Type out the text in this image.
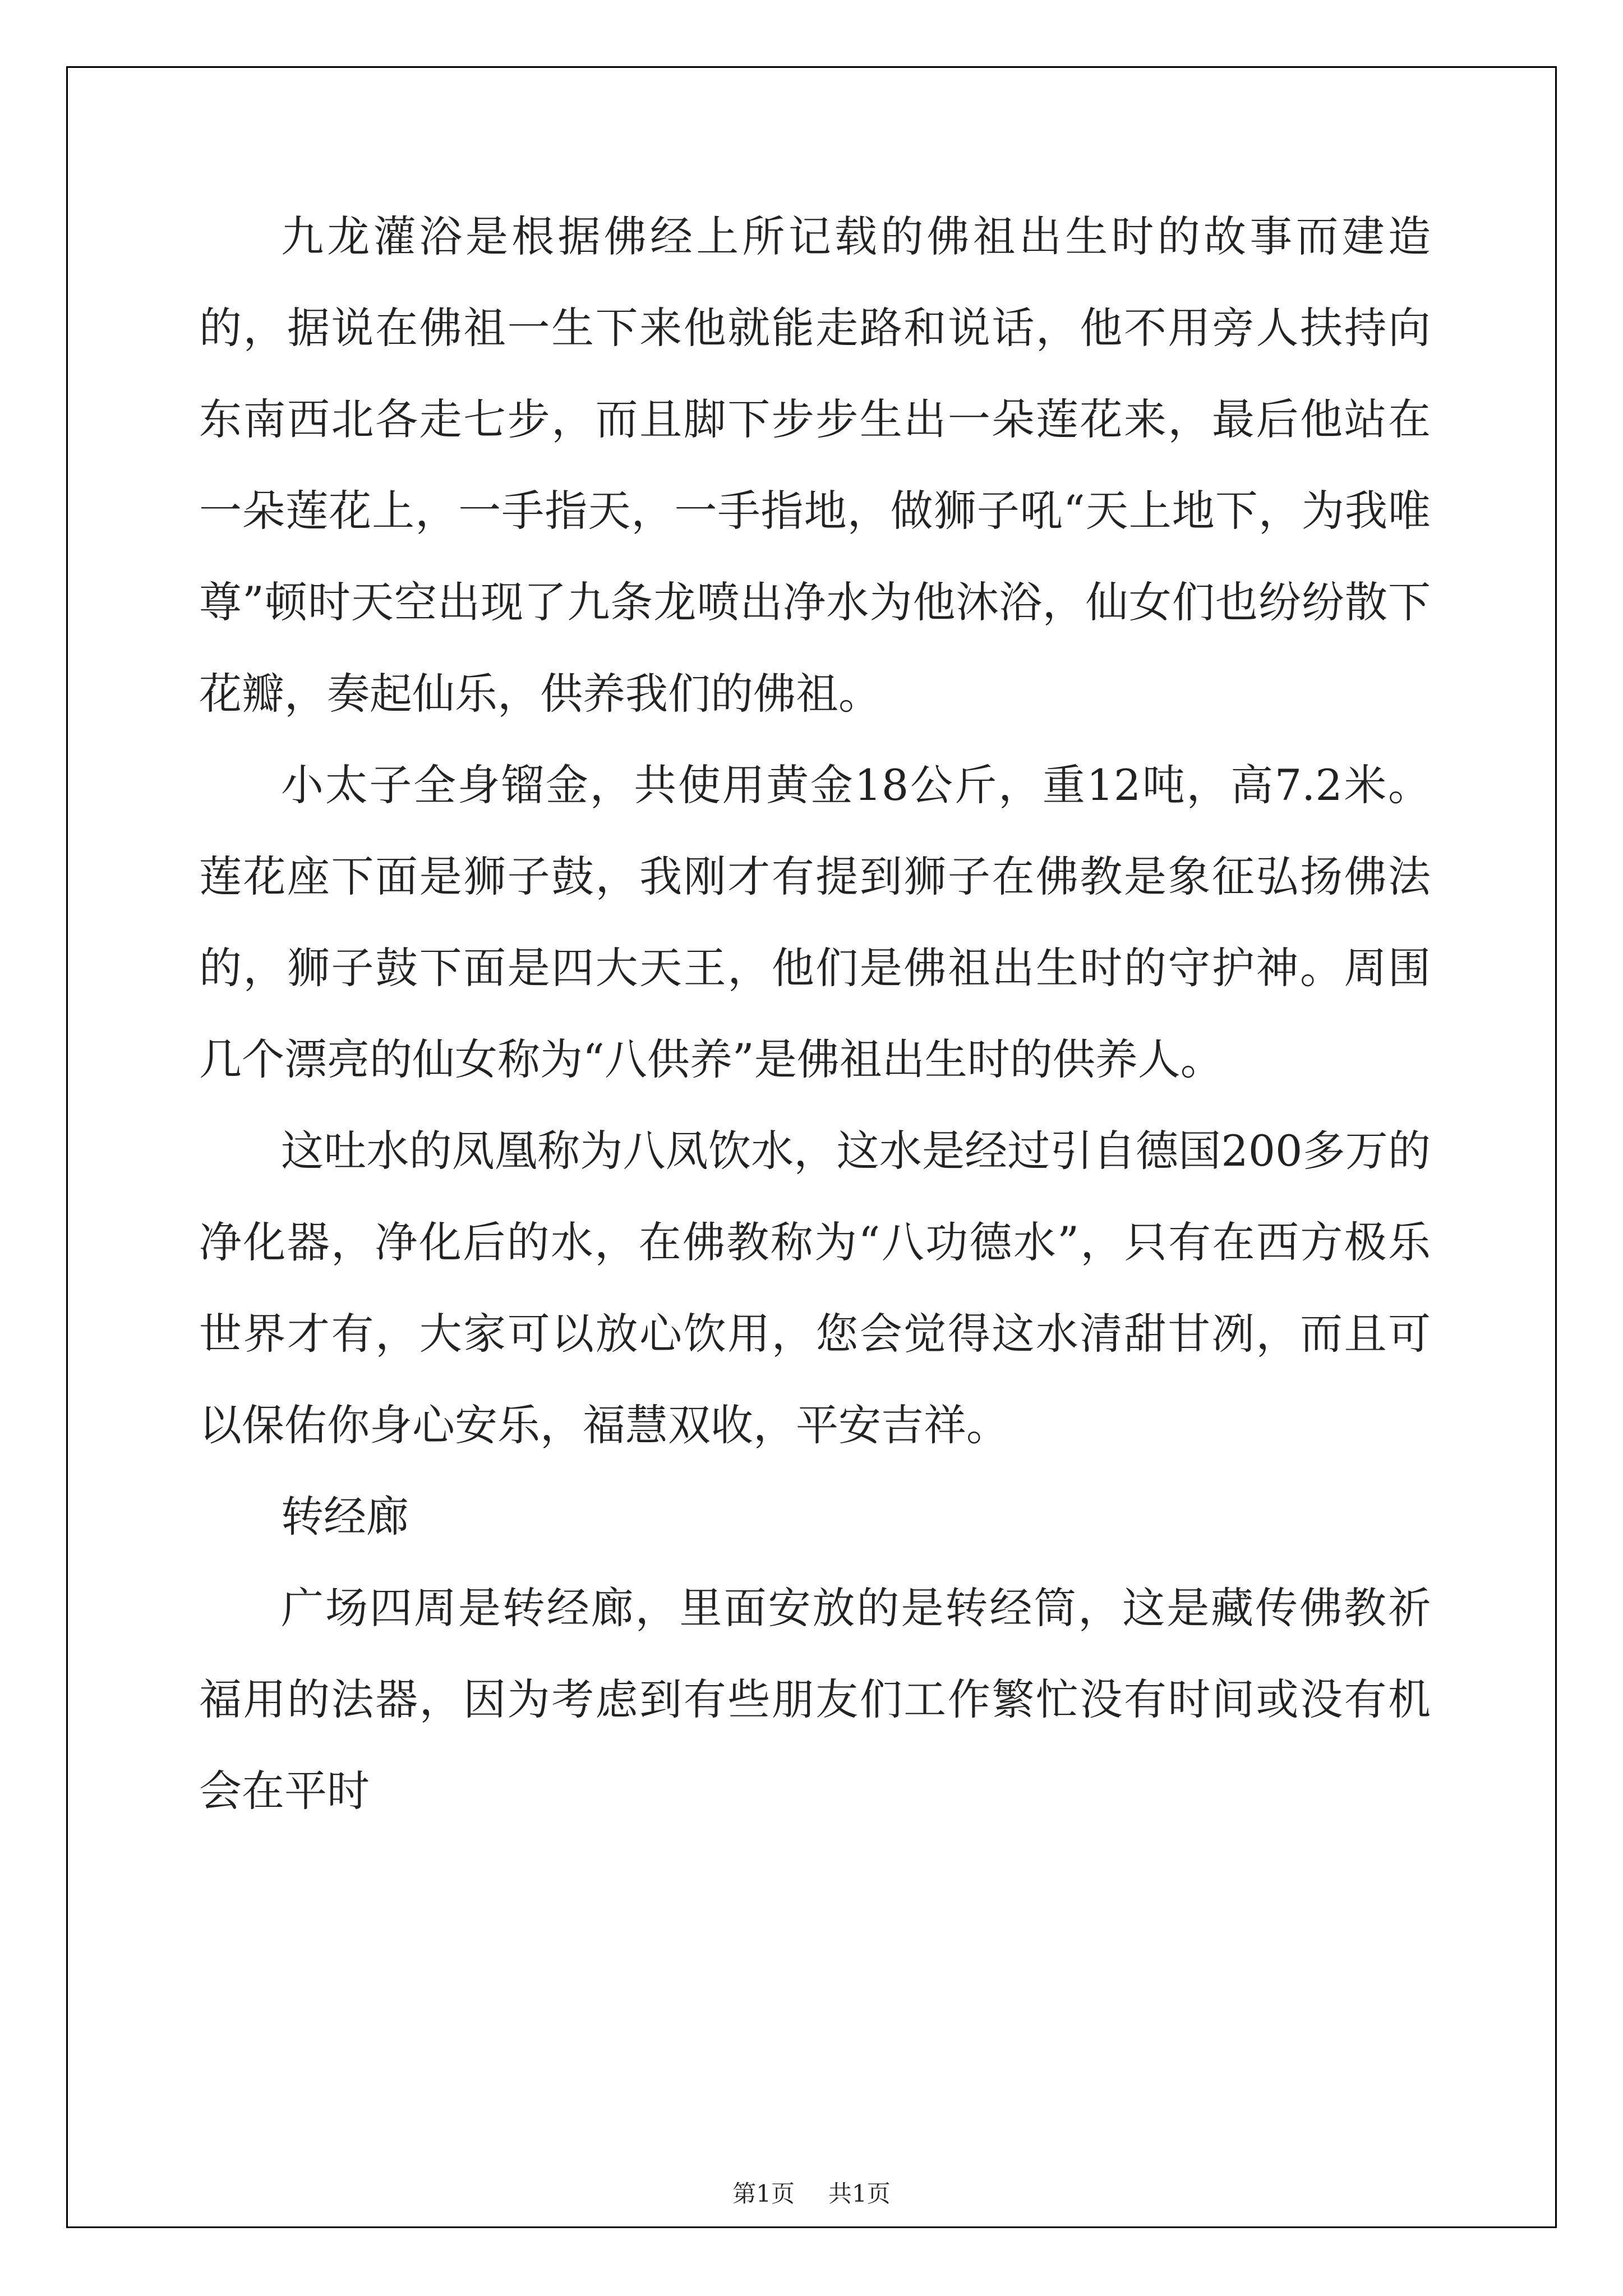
九龙灌浴是根据佛经上所记载的佛祖出生时的故事而建造的，据说在佛祖一生下来他就能走路和说话，他不用旁人扶持向东南西北各走七步，而且脚下步步生出一朵莲花来，最后他站在一朵莲花上，一手指天，一手指地，做狮子吼“天上地下，为我唯尊”顿时天空出现了九条龙喷出净水为他沐浴，仙女们也纷纷散下花瓣，奏起仙乐，供养我们的佛祖。

小太子全身镏金，共使用黄金18公斤，重12吨，高7.2米。莲花座下面是狮子鼓，我刚才有提到狮子在佛教是象征弘扬佛法的，狮子鼓下面是四大天王，他们是佛祖出生时的守护神。周围几个漂亮的仙女称为“八供养”是佛祖出生时的供养人。

这吐水的凤凰称为八凤饮水，这水是经过引自德国200多万的净化器，净化后的水，在佛教称为“八功德水”，只有在西方极乐世界才有，大家可以放心饮用，您会觉得这水清甜甘冽，而且可以保佑你身心安乐，福慧双收，平安吉祥。

转经廊

广场四周是转经廊，里面安放的是转经筒，这是藏传佛教祈福用的法器，因为考虑到有些朋友们工作繁忙没有时间或没有机会在平时

第1页 共1页
